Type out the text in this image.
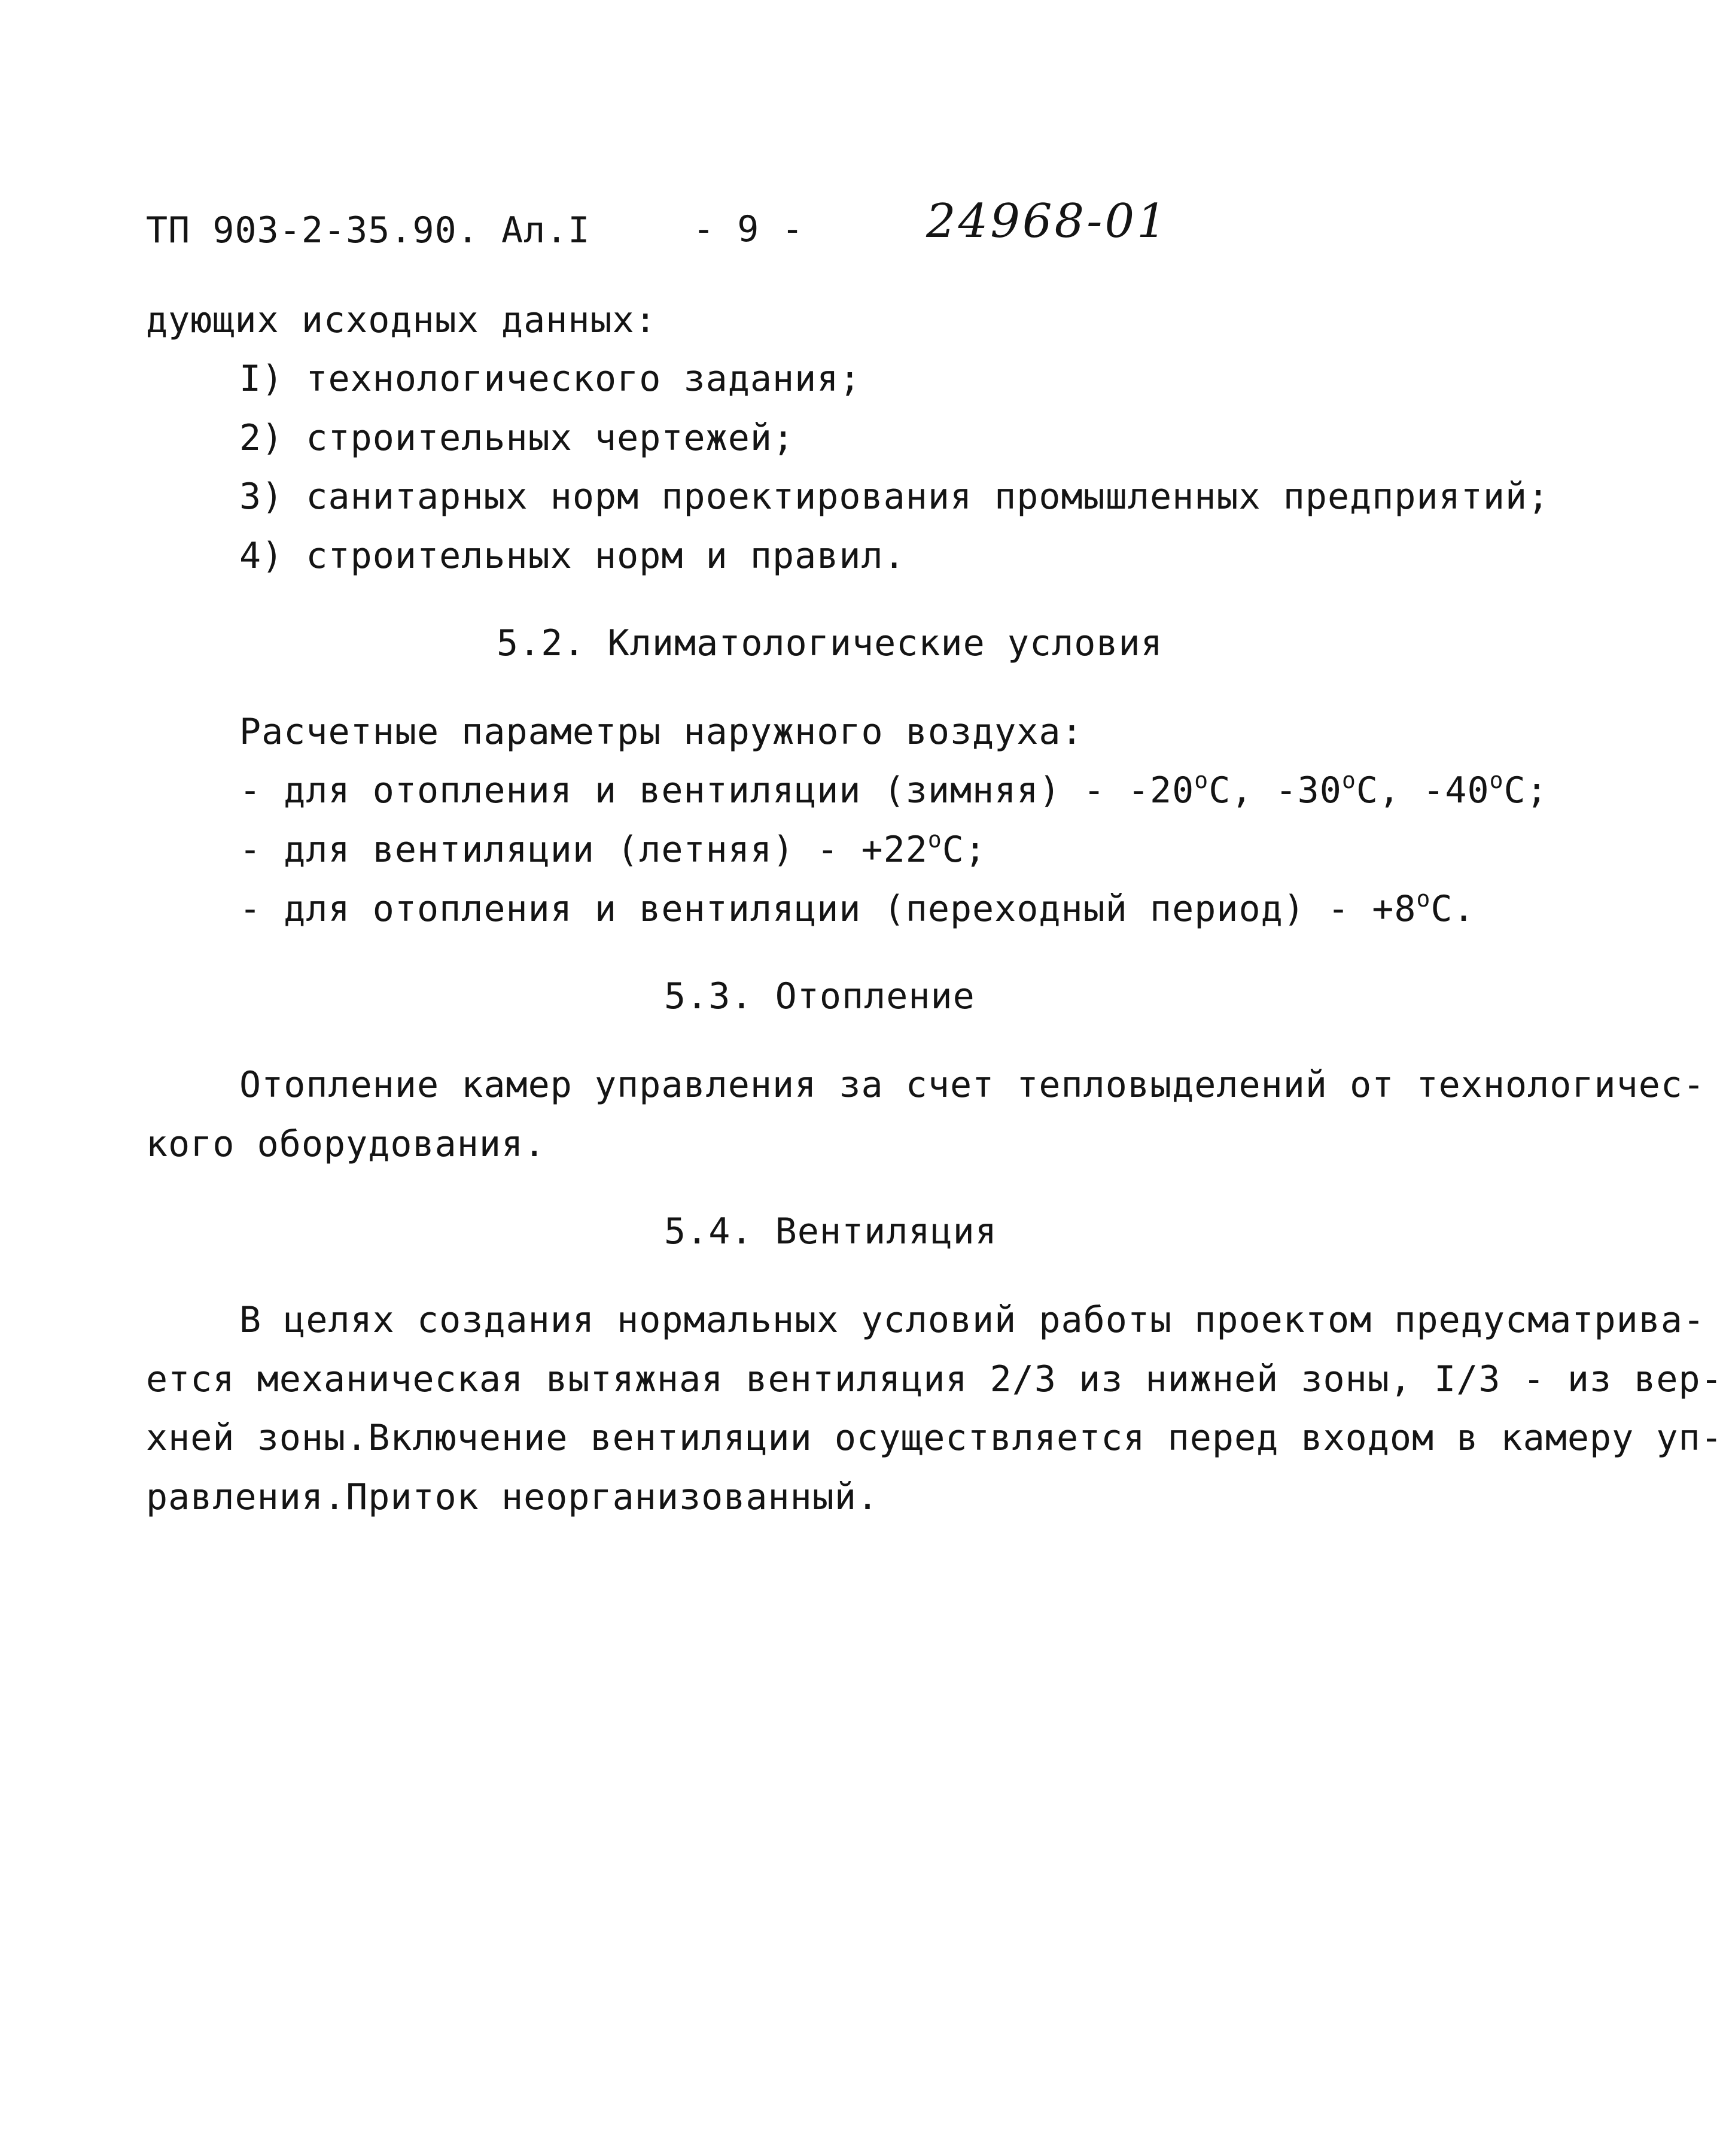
ТП 903-2-35.90. Ал.I	- 9 -	24968-01
дующих исходных данных:
I) технологического задания;
2) строительных чертежей;
3) санитарных норм проектирования промышленных предприятий;
4) строительных норм и правил.
5.2. Климатологические условия
Расчетные параметры наружного воздуха:
- для отопления и вентиляции (зимняя) - -20$^o$C, -30$^o$C, -40$^o$C;
- для вентиляции (летняя) - $+22^oC$;
- для отопления и вентиляции (переходный период) - $+8^oC$.
5.3. Отопление
Отопление камер управления за счет тепловыделений от технологичес-
кого оборудования.
5.4. Вентиляция
В целях создания нормальных условий работы проектом предусматрива-
ется механическая вытяжная вентиляция 2/3 из нижней зоны, I/3 - из вер-
хней зоны.Включение вентиляции осуществляется перед входом в камеру уп-
равления.Приток неорганизованный.
